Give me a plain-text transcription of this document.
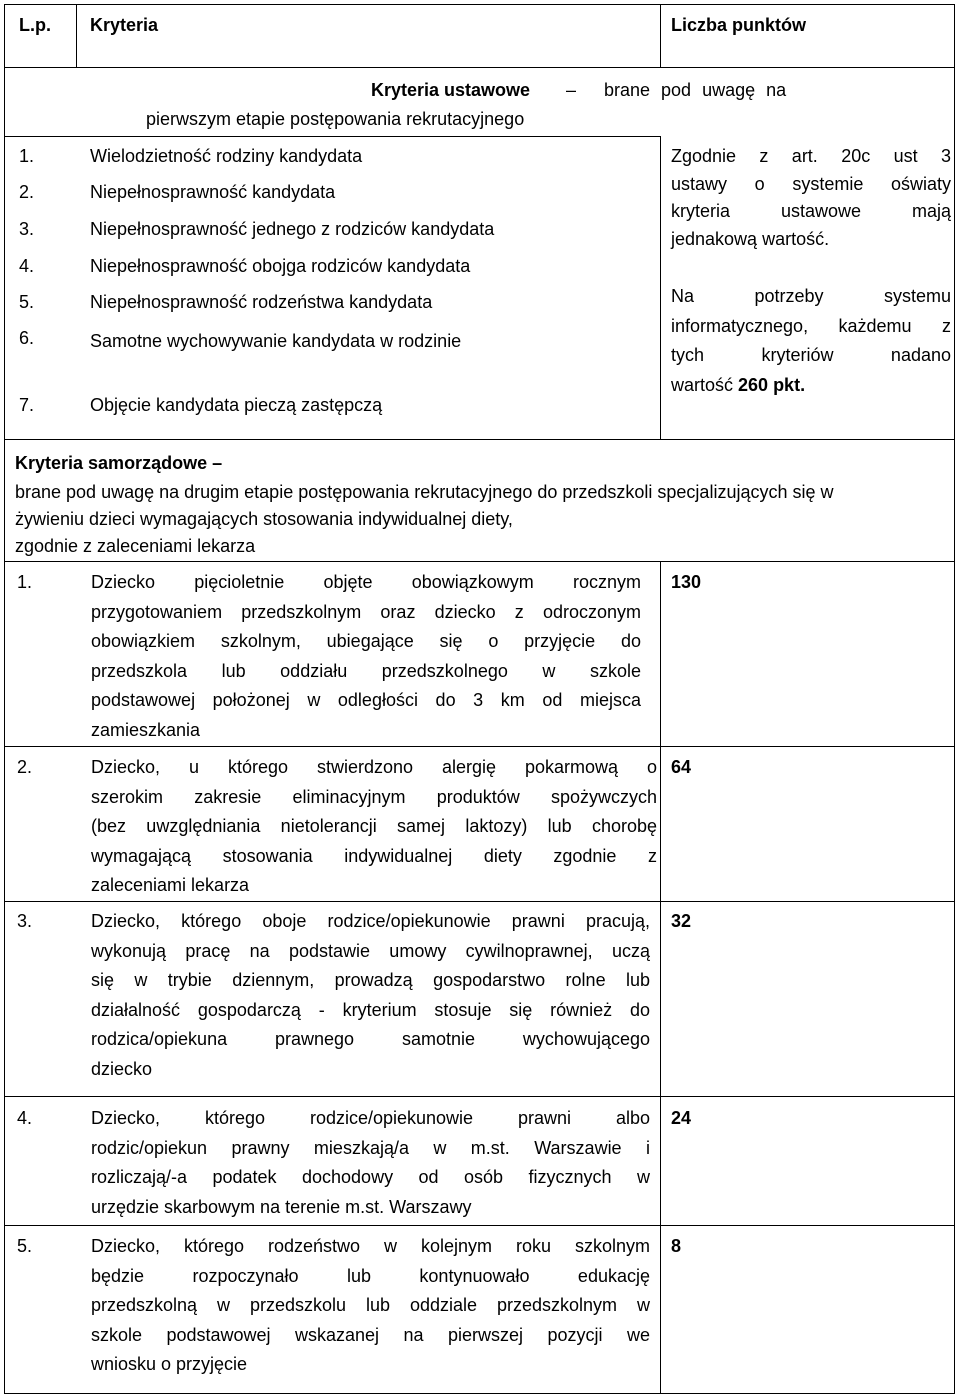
L.p. Kryteria	Liczba punktów
Kryteria ustawowe – brane pod uwagę na
pierwszym etapie postępowania rekrutacyjnego
1.	Wielodzietność rodziny kandydata
2.	Niepełnosprawność kandydata
3.	Niepełnosprawność jednego z rodziców kandydata
4.	Niepełnosprawność obojga rodziców kandydata
5.	Niepełnosprawność rodzeństwa kandydata
6.	Samotne wychowywanie kandydata w rodzinie
7.	Objęcie kandydata pieczą zastępczą
Zgodnie z art. 20c ust 3
ustawy o systemie oświaty
kryteria ustawowe mają
jednakową wartość.
Na potrzeby systemu
informatycznego, każdemu z
tych kryteriów nadano
wartość 260 pkt.
Kryteria samorządowe –
brane pod uwagę na drugim etapie postępowania rekrutacyjnego do przedszkoli specjalizujących się w
żywieniu dzieci wymagających stosowania indywidualnej diety,
zgodnie z zaleceniami lekarza
1.	Dziecko pięcioletnie objęte obowiązkowym rocznym
przygotowaniem przedszkolnym oraz dziecko z odroczonym
obowiązkiem szkolnym, ubiegające się o przyjęcie do
przedszkola lub oddziału przedszkolnego w szkole
podstawowej położonej w odległości do 3 km od miejsca
zamieszkania
130
2.	Dziecko, u którego stwierdzono alergię pokarmową o
szerokim zakresie eliminacyjnym produktów spożywczych
(bez uwzględniania nietolerancji samej laktozy) lub chorobę
wymagającą stosowania indywidualnej diety zgodnie z
zaleceniami lekarza
64
3.	Dziecko, którego oboje rodzice/opiekunowie prawni pracują,
wykonują pracę na podstawie umowy cywilnoprawnej, uczą
się w trybie dziennym, prowadzą gospodarstwo rolne lub
działalność gospodarczą - kryterium stosuje się również do
rodzica/opiekuna prawnego samotnie wychowującego
dziecko
32
4.	Dziecko, którego rodzice/opiekunowie prawni albo
rodzic/opiekun prawny mieszkają/a w m.st. Warszawie i
rozliczają/-a podatek dochodowy od osób fizycznych w
urzędzie skarbowym na terenie m.st. Warszawy
24
5.	Dziecko, którego rodzeństwo w kolejnym roku szkolnym
będzie rozpoczynało lub kontynuowało edukację
przedszkolną w przedszkolu lub oddziale przedszkolnym w
szkole podstawowej wskazanej na pierwszej pozycji we
wniosku o przyjęcie
8
